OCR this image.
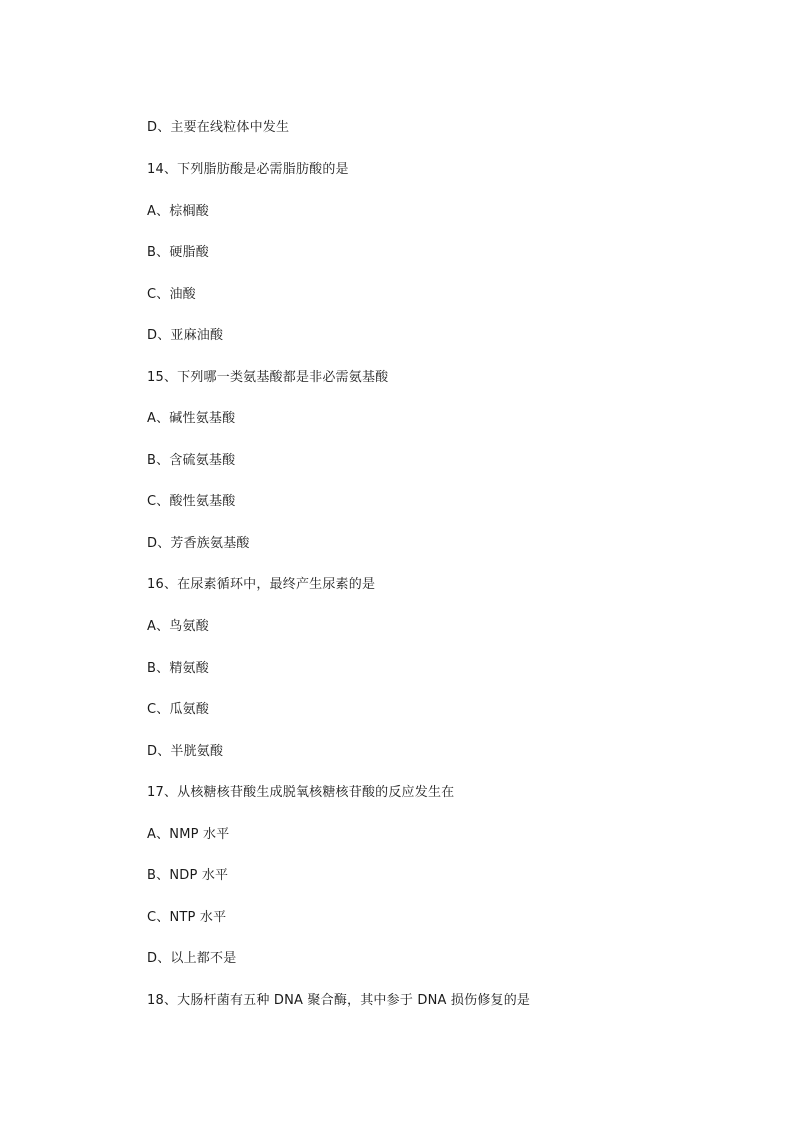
D、主要在线粒体中发生
14、下列脂肪酸是必需脂肪酸的是
A、棕榈酸
B、硬脂酸
C、油酸
D、亚麻油酸
15、下列哪一类氨基酸都是非必需氨基酸
A、碱性氨基酸
B、含硫氨基酸
C、酸性氨基酸
D、芳香族氨基酸
16、在尿素循环中，最终产生尿素的是
A、鸟氨酸
B、精氨酸
C、瓜氨酸
D、半胱氨酸
17、从核糖核苷酸生成脱氧核糖核苷酸的反应发生在
A、NMP 水平
B、NDP 水平
C、NTP 水平
D、以上都不是
18、大肠杆菌有五种 DNA 聚合酶，其中参于 DNA 损伤修复的是
